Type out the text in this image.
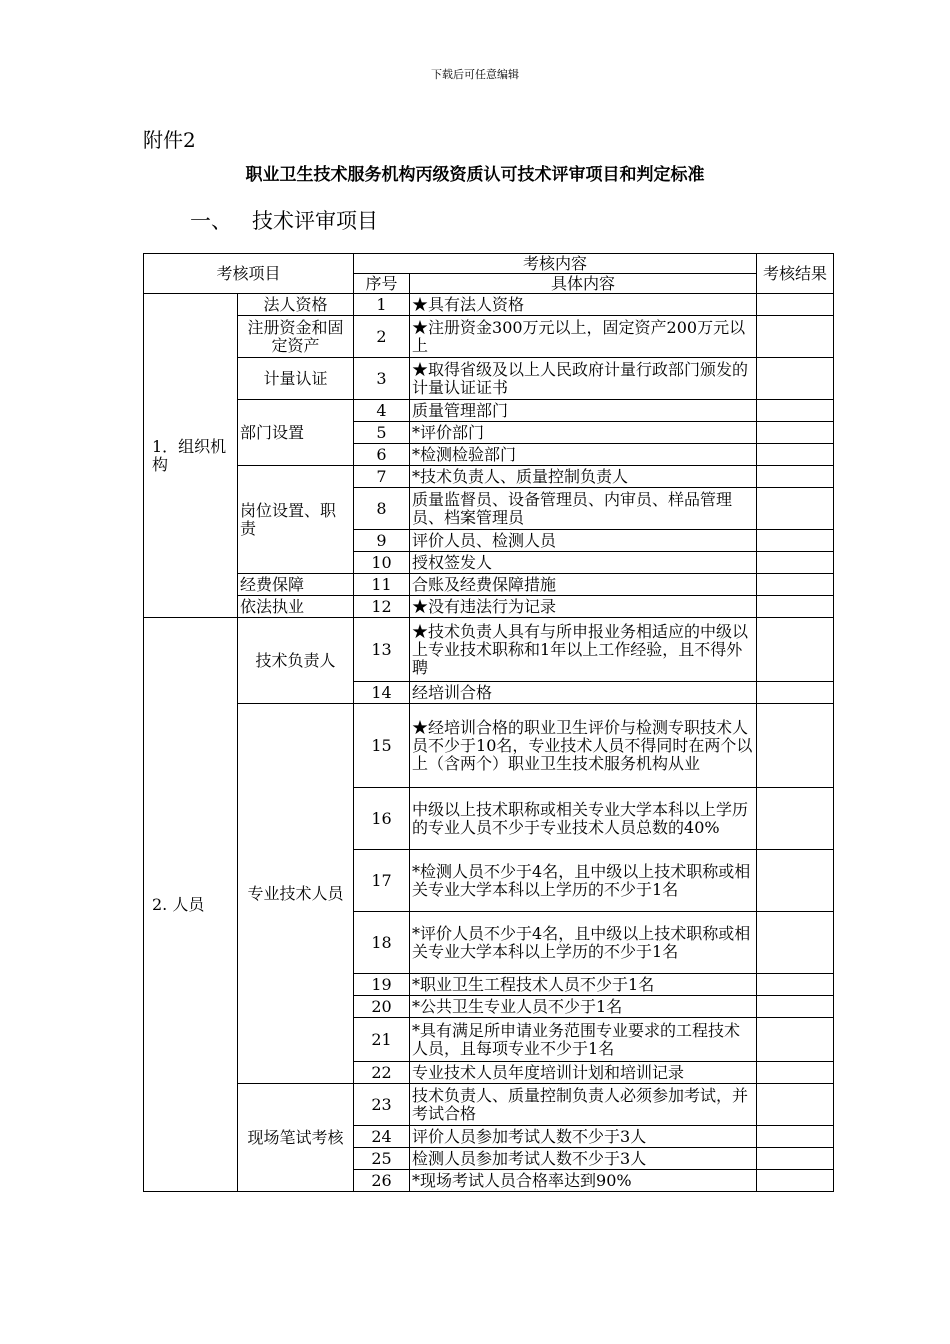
下载后可任意编辑
附件2
职业卫生技术服务机构丙级资质认可技术评审项目和判定标准
一、 技术评审项目
考核项目		考核内容		考核结果
		序号	具体内容	
1．组织机构	法人资格	1	★具有法人资格	
	注册资金和固定资产	2	★注册资金300万元以上，固定资产200万元以上	
	计量认证	3	★取得省级及以上人民政府计量行政部门颁发的计量认证证书	
	部门设置	4	质量管理部门	
		5	*评价部门	
		6	*检测检验部门	
	岗位设置、职责	7	*技术负责人、质量控制负责人	
		8	质量监督员、设备管理员、内审员、样品管理员、档案管理员	
		9	评价人员、检测人员	
		10	授权签发人	
	经费保障	11	合账及经费保障措施	
	依法执业	12	★没有违法行为记录	
2. 人员	技术负责人	13	★技术负责人具有与所申报业务相适应的中级以上专业技术职称和1年以上工作经验，且不得外聘	
		14	经培训合格	
	专业技术人员	15	★经培训合格的职业卫生评价与检测专职技术人员不少于10名，专业技术人员不得同时在两个以上（含两个）职业卫生技术服务机构从业	
		16	中级以上技术职称或相关专业大学本科以上学历的专业人员不少于专业技术人员总数的40%	
		17	*检测人员不少于4名，且中级以上技术职称或相关专业大学本科以上学历的不少于1名	
		18	*评价人员不少于4名，且中级以上技术职称或相关专业大学本科以上学历的不少于1名	
		19	*职业卫生工程技术人员不少于1名	
		20	*公共卫生专业人员不少于1名	
		21	*具有满足所申请业务范围专业要求的工程技术人员，且每项专业不少于1名	
		22	专业技术人员年度培训计划和培训记录	
	现场笔试考核	23	技术负责人、质量控制负责人必须参加考试，并考试合格	
		24	评价人员参加考试人数不少于3人	
		25	检测人员参加考试人数不少于3人	
		26	*现场考试人员合格率达到90%	
